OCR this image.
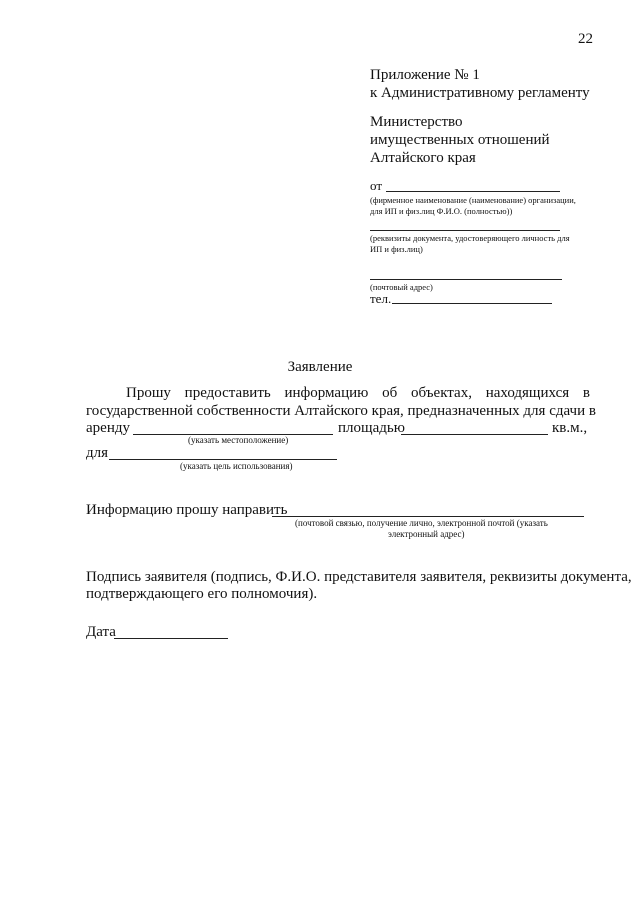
22
Приложение № 1
к Административному регламенту
Министерство
имущественных отношений
Алтайского края
от
(фирменное наименование (наименование) организации,
для ИП и физ.лиц Ф.И.О. (полностью))
(реквизиты документа, удостоверяющего личность для
ИП и физ.лиц)
(почтовый адрес)
тел.
Заявление
Прошу предоставить информацию об объектах, находящихся в
государственной собственности Алтайского края, предназначенных для сдачи в
аренду	площадью	кв.м.,
(указать местоположение)
для
(указать цель использования)
Информацию прошу направить
(почтовой связью, получение лично, электронной почтой (указать
электронный адрес)
Подпись заявителя (подпись, Ф.И.О. представителя заявителя, реквизиты документа,
подтверждающего его полномочия).
Дата
